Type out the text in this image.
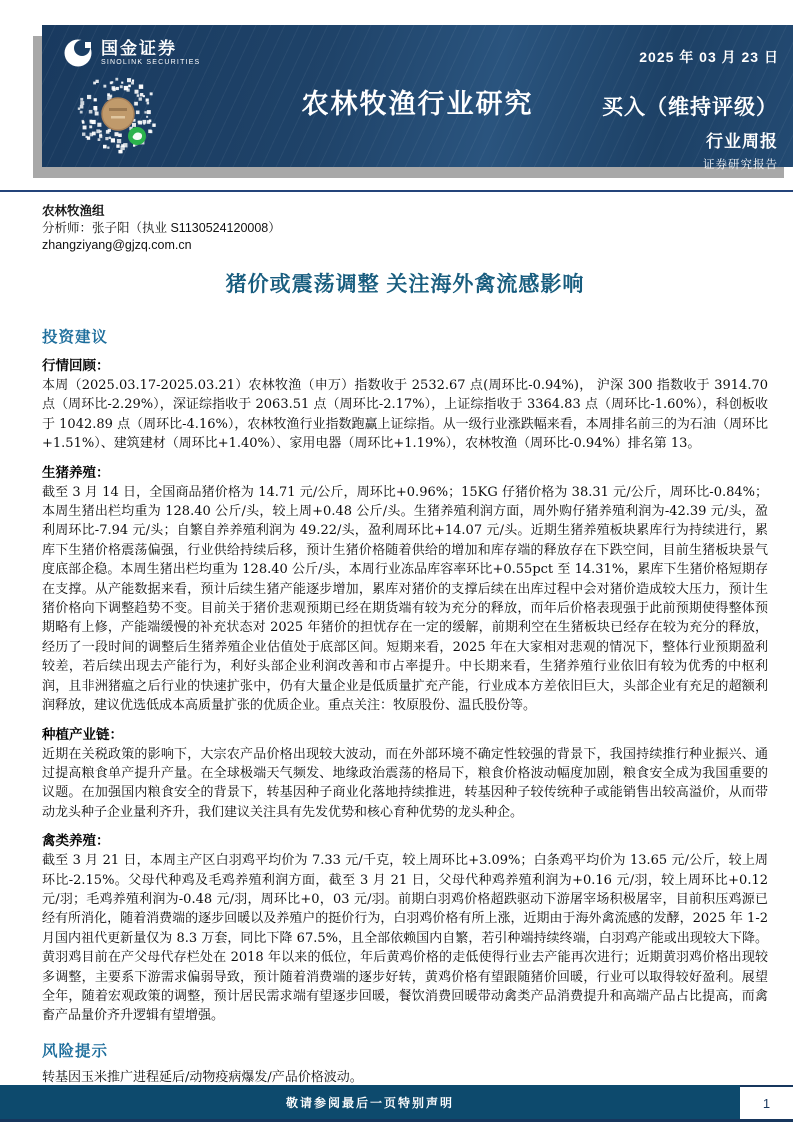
国金证券
SINOLINK SECURITIES	2025 年 03 月 23 日
农林牧渔行业研究	买入（维持评级）
行业周报
证券研究报告
农林牧渔组
分析师：张子阳（执业 S1130524120008）
zhangziyang@gjzq.com.cn
猪价或震荡调整 关注海外禽流感影响
投资建议
行情回顾：
本周（2025.03.17-2025.03.21）农林牧渔（申万）指数收于 2532.67 点(周环比-0.94%)， 沪深 300 指数收于 3914.70 点（周环比-2.29%），深证综指收于 2063.51 点（周环比-2.17%），上证综指收于 3364.83 点（周环比-1.60%），科创板收于 1042.89 点（周环比-4.16%），农林牧渔行业指数跑赢上证综指。从一级行业涨跌幅来看，本周排名前三的为石油（周环比+1.51%）、建筑建材（周环比+1.40%）、家用电器（周环比+1.19%），农林牧渔（周环比-0.94%）排名第 13。
生猪养殖：
截至 3 月 14 日，全国商品猪价格为 14.71 元/公斤，周环比+0.96%；15KG 仔猪价格为 38.31 元/公斤，周环比-0.84%；本周生猪出栏均重为 128.40 公斤/头，较上周+0.48 公斤/头。生猪养殖利润方面，周外购仔猪养殖利润为-42.39 元/头，盈利周环比-7.94 元/头；自繁自养养殖利润为 49.22/头，盈利周环比+14.07 元/头。近期生猪养殖板块累库行为持续进行，累库下生猪价格震荡偏强，行业供给持续后移，预计生猪价格随着供给的增加和库存端的释放存在下跌空间，目前生猪板块景气度底部企稳。本周生猪出栏均重为 128.40 公斤/头，本周行业冻品库容率环比+0.55pct 至 14.31%，累库下生猪价格短期存在支撑。从产能数据来看，预计后续生猪产能逐步增加，累库对猪价的支撑后续在出库过程中会对猪价造成较大压力，预计生猪价格向下调整趋势不变。目前关于猪价悲观预期已经在期货端有较为充分的释放，而年后价格表现强于此前预期使得整体预期略有上修，产能端缓慢的补充状态对 2025 年猪价的担忧存在一定的缓解，前期利空在生猪板块已经存在较为充分的释放，经历了一段时间的调整后生猪养殖企业估值处于底部区间。短期来看，2025 年在大家相对悲观的情况下，整体行业预期盈利较差，若后续出现去产能行为，利好头部企业利润改善和市占率提升。中长期来看，生猪养殖行业依旧有较为优秀的中枢利润，且非洲猪瘟之后行业的快速扩张中，仍有大量企业是低质量扩充产能，行业成本方差依旧巨大，头部企业有充足的超额利润释放，建议优选低成本高质量扩张的优质企业。重点关注：牧原股份、温氏股份等。
种植产业链：
近期在关税政策的影响下，大宗农产品价格出现较大波动，而在外部环境不确定性较强的背景下，我国持续推行种业振兴、通过提高粮食单产提升产量。在全球极端天气频发、地缘政治震荡的格局下，粮食价格波动幅度加剧，粮食安全成为我国重要的议题。在加强国内粮食安全的背景下，转基因种子商业化落地持续推进，转基因种子较传统种子或能销售出较高溢价，从而带动龙头种子企业量利齐升，我们建议关注具有先发优势和核心育种优势的龙头种企。
禽类养殖：
截至 3 月 21 日，本周主产区白羽鸡平均价为 7.33 元/千克，较上周环比+3.09%；白条鸡平均价为 13.65 元/公斤，较上周环比-2.15%。父母代种鸡及毛鸡养殖利润方面，截至 3 月 21 日，父母代种鸡养殖利润为+0.16 元/羽，较上周环比+0.12 元/羽；毛鸡养殖利润为-0.48 元/羽，周环比+0，03 元/羽。前期白羽鸡价格超跌驱动下游屠宰场积极屠宰，目前积压鸡源已经有所消化，随着消费端的逐步回暖以及养殖户的挺价行为，白羽鸡价格有所上涨，近期由于海外禽流感的发酵，2025 年 1-2 月国内祖代更新量仅为 8.3 万套，同比下降 67.5%，且全部依赖国内自繁，若引种端持续终端，白羽鸡产能或出现较大下降。黄羽鸡目前在产父母代存栏处在 2018 年以来的低位，年后黄鸡价格的走低使得行业去产能再次进行；近期黄羽鸡价格出现较多调整，主要系下游需求偏弱导致，预计随着消费端的逐步好转，黄鸡价格有望跟随猪价回暖，行业可以取得较好盈利。展望全年，随着宏观政策的调整，预计居民需求端有望逐步回暖，餐饮消费回暖带动禽类产品消费提升和高端产品占比提高，而禽畜产品量价齐升逻辑有望增强。
风险提示
转基因玉米推广进程延后/动物疫病爆发/产品价格波动。
敬请参阅最后一页特别声明	1
